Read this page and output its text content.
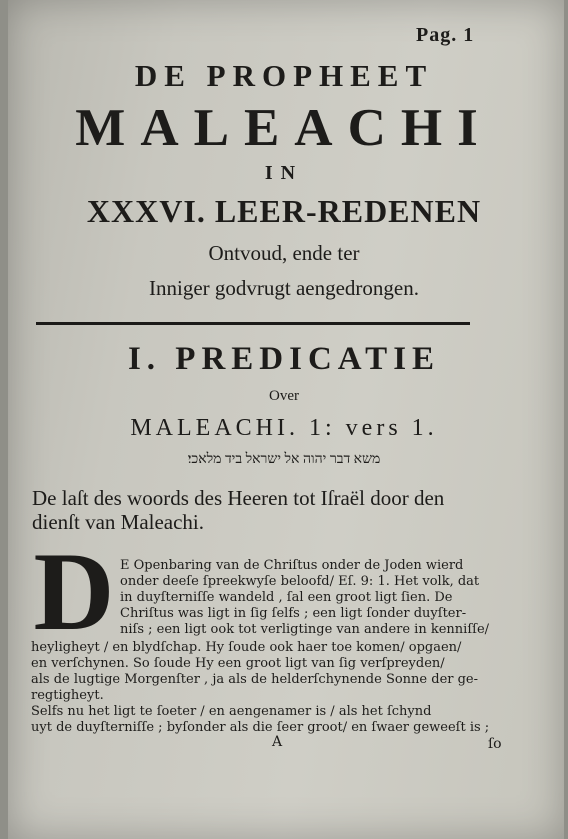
Pag. 1
DE PROPHEET
MALEACHI
IN
XXXVI. LEER-REDENEN
Ontvoud, ende ter
Inniger godvrugt aengedrongen.
I. PREDICATIE
Over
MALEACHI. 1: vers 1.
משא דבר יהוה אל ישראל ביד מלאכי׃
De laſt des woords des Heeren tot Iſraël door den
dienſt van Maleachi.
D E Openbaring van de Chriſtus onder de Joden wierd
onder deeſe ſpreekwyſe beloofd/ Eſ. 9: 1. Het volk, dat
in duyſterniſſe wandeld , ſal een groot ligt ſien. De
Chriſtus was ligt in ſig ſelfs ; een ligt ſonder duyſter-
niſs ; een ligt ook tot verligtinge van andere in kenniſſe/
heyligheyt / en blydſchap. Hy ſoude ook haer toe komen/ opgaen/
en verſchynen. So ſoude Hy een groot ligt van ſig verſpreyden/
als de lugtige Morgenſter , ja als de helderſchynende Sonne der ge-
regtigheyt.
Selfs nu het ligt te ſoeter / en aengenamer is / als het ſchynd
uyt de duyſterniſſe ; byſonder als die ſeer groot/ en ſwaer geweeſt is ;
A	ſo
